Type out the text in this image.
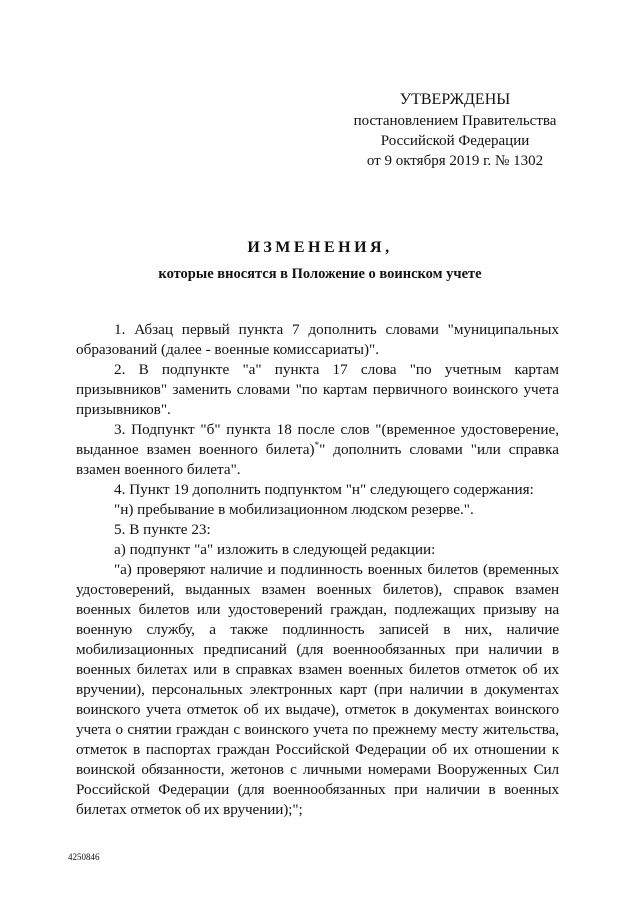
УТВЕРЖДЕНЫ
постановлением Правительства
Российской Федерации
от 9 октября 2019 г. № 1302
ИЗМЕНЕНИЯ,
которые вносятся в Положение о воинском учете

1. Абзац первый пункта 7 дополнить словами "муниципальных образований (далее - военные комиссариаты)".

2. В подпункте "а" пункта 17 слова "по учетным картам призывников" заменить словами "по картам первичного воинского учета призывников".

3. Подпункт "б" пункта 18 после слов "(временное удостоверение, выданное взамен военного билета)*" дополнить словами "или справка взамен военного билета".

4. Пункт 19 дополнить подпунктом "н" следующего содержания:

"н) пребывание в мобилизационном людском резерве.".

5. В пункте 23:

а) подпункт "а" изложить в следующей редакции:

"а) проверяют наличие и подлинность военных билетов (временных удостоверений, выданных взамен военных билетов), справок взамен военных билетов или удостоверений граждан, подлежащих призыву на военную службу, а также подлинность записей в них, наличие мобилизационных предписаний (для военнообязанных при наличии в военных билетах или в справках взамен военных билетов отметок об их вручении), персональных электронных карт (при наличии в документах воинского учета отметок об их выдаче), отметок в документах воинского учета о снятии граждан с воинского учета по прежнему месту жительства, отметок в паспортах граждан Российской Федерации об их отношении к воинской обязанности, жетонов с личными номерами Вооруженных Сил Российской Федерации (для военнообязанных при наличии в военных билетах отметок об их вручении);";

4250846
